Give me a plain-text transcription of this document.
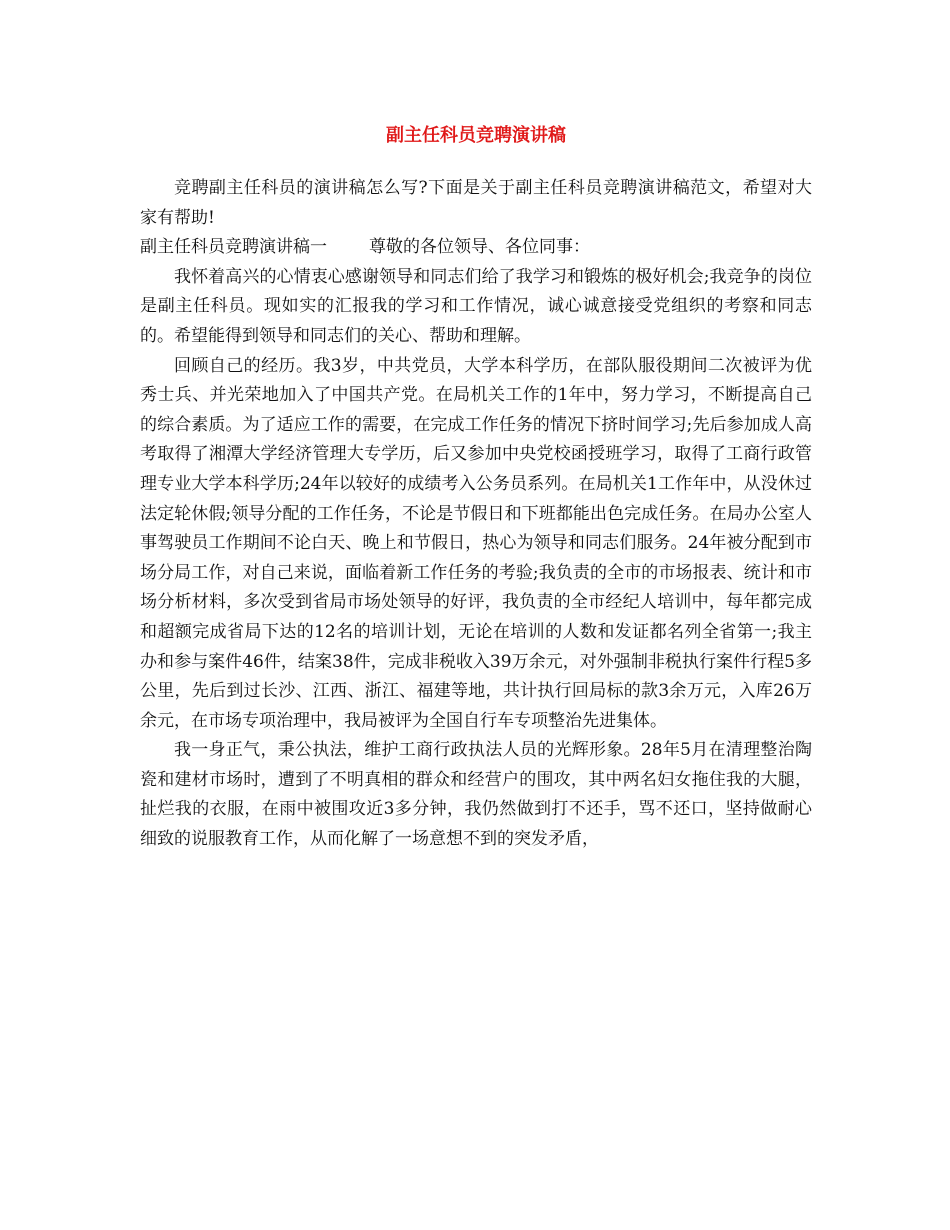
副主任科员竞聘演讲稿

竞聘副主任科员的演讲稿怎么写?下面是关于副主任科员竞聘演讲稿范文，希望对大家有帮助!

副主任科员竞聘演讲稿一 尊敬的各位领导、各位同事：

我怀着高兴的心情衷心感谢领导和同志们给了我学习和锻炼的极好机会;我竞争的岗位是副主任科员。现如实的汇报我的学习和工作情况，诚心诚意接受党组织的考察和同志的。希望能得到领导和同志们的关心、帮助和理解。

回顾自己的经历。我3岁，中共党员，大学本科学历，在部队服役期间二次被评为优秀士兵、并光荣地加入了中国共产党。在局机关工作的1年中，努力学习，不断提高自己的综合素质。为了适应工作的需要，在完成工作任务的情况下挤时间学习;先后参加成人高考取得了湘潭大学经济管理大专学历，后又参加中央党校函授班学习，取得了工商行政管理专业大学本科学历;24年以较好的成绩考入公务员系列。在局机关1工作年中，从没休过法定轮休假;领导分配的工作任务，不论是节假日和下班都能出色完成任务。在局办公室人事驾驶员工作期间不论白天、晚上和节假日，热心为领导和同志们服务。24年被分配到市场分局工作，对自己来说，面临着新工作任务的考验;我负责的全市的市场报表、统计和市场分析材料，多次受到省局市场处领导的好评，我负责的全市经纪人培训中，每年都完成和超额完成省局下达的12名的培训计划，无论在培训的人数和发证都名列全省第一;我主办和参与案件46件，结案38件，完成非税收入39万余元，对外强制非税执行案件行程5多公里，先后到过长沙、江西、浙江、福建等地，共计执行回局标的款3余万元，入库26万余元，在市场专项治理中，我局被评为全国自行车专项整治先进集体。

我一身正气，秉公执法，维护工商行政执法人员的光辉形象。28年5月在清理整治陶瓷和建材市场时，遭到了不明真相的群众和经营户的围攻，其中两名妇女拖住我的大腿，扯烂我的衣服，在雨中被围攻近3多分钟，我仍然做到打不还手，骂不还口，坚持做耐心细致的说服教育工作，从而化解了一场意想不到的突发矛盾，
